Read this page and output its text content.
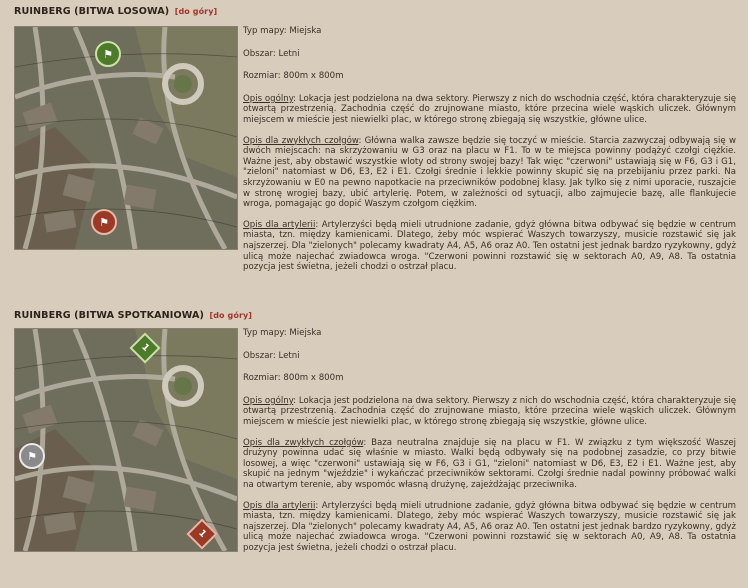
RUINBERG (BITWA LOSOWA) [do góry]
⚑
⚑

Typ mapy: Miejska

Obszar: Letni

Rozmiar: 800m x 800m

Opis ogólny: Lokacja jest podzielona na dwa sektory. Pierwszy z nich do wschodnia część, która charakteryzuje się otwartą przestrzenią. Zachodnia część do zrujnowane miasto, które przecina wiele wąskich uliczek. Głównym miejscem w mieście jest niewielki plac, w którego stronę zbiegają się wszystkie, główne ulice.

Opis dla zwykłych czołgów: Główna walka zawsze będzie się toczyć w mieście. Starcia zazwyczaj odbywają się w dwóch miejscach: na skrzyżowaniu w G3 oraz na placu w F1. To w te miejsca powinny podążyć czołgi ciężkie. Ważne jest, aby obstawić wszystkie wloty od strony swojej bazy! Tak więc "czerwoni" ustawiają się w F6, G3 i G1, "zieloni" natomiast w D6, E3, E2 i E1. Czołgi średnie i lekkie powinny skupić się na przebijaniu przez parki. Na skrzyżowaniu w E0 na pewno napotkacie na przeciwników podobnej klasy. Jak tylko się z nimi uporacie, ruszajcie w stronę wrogiej bazy, ubić artylerię. Potem, w zależności od sytuacji, albo zajmujecie bazę, alle flankujecie wroga, pomagając go dopić Waszym czołgom ciężkim.

Opis dla artylerii: Artylerzyści będą mieli utrudnione zadanie, gdyż główna bitwa odbywać się będzie w centrum miasta, tzn. między kamienicami. Dlatego, żeby móc wspierać Waszych towarzyszy, musicie rozstawić się jak najszerzej. Dla "zielonych" polecamy kwadraty A4, A5, A6 oraz A0. Ten ostatni jest jednak bardzo ryzykowny, gdyż ulicą może najechać zwiadowca wroga. "Czerwoni powinni rozstawić się w sektorach A0, A9, A8. Ta ostatnia pozycja jest świetna, jeżeli chodzi o ostrzał placu.

RUINBERG (BITWA SPOTKANIOWA) [do góry]
1
⚑
1

Typ mapy: Miejska

Obszar: Letni

Rozmiar: 800m x 800m

Opis ogólny: Lokacja jest podzielona na dwa sektory. Pierwszy z nich do wschodnia część, która charakteryzuje się otwartą przestrzenią. Zachodnia część do zrujnowane miasto, które przecina wiele wąskich uliczek. Głównym miejscem w mieście jest niewielki plac, w którego stronę zbiegają się wszystkie, główne ulice.

Opis dla zwykłych czołgów: Baza neutralna znajduje się na placu w F1. W związku z tym większość Waszej drużyny powinna udać się właśnie w miasto. Walki będą odbywały się na podobnej zasadzie, co przy bitwie losowej, a więc "czerwoni" ustawiają się w F6, G3 i G1, "zieloni" natomiast w D6, E3, E2 i E1. Ważne jest, aby skupić na jednym "wjeździe" i wykańczać przeciwników sektorami. Czołgi średnie nadal powinny próbować walki na otwartym terenie, aby wspomóc własną drużynę, zajeżdżając przeciwnika.

Opis dla artylerii: Artylerzyści będą mieli utrudnione zadanie, gdyż główna bitwa odbywać się będzie w centrum miasta, tzn. między kamienicami. Dlatego, żeby móc wspierać Waszych towarzyszy, musicie rozstawić się jak najszerzej. Dla "zielonych" polecamy kwadraty A4, A5, A6 oraz A0. Ten ostatni jest jednak bardzo ryzykowny, gdyż ulicą może najechać zwiadowca wroga. "Czerwoni powinni rozstawić się w sektorach A0, A9, A8. Ta ostatnia pozycja jest świetna, jeżeli chodzi o ostrzał placu.
